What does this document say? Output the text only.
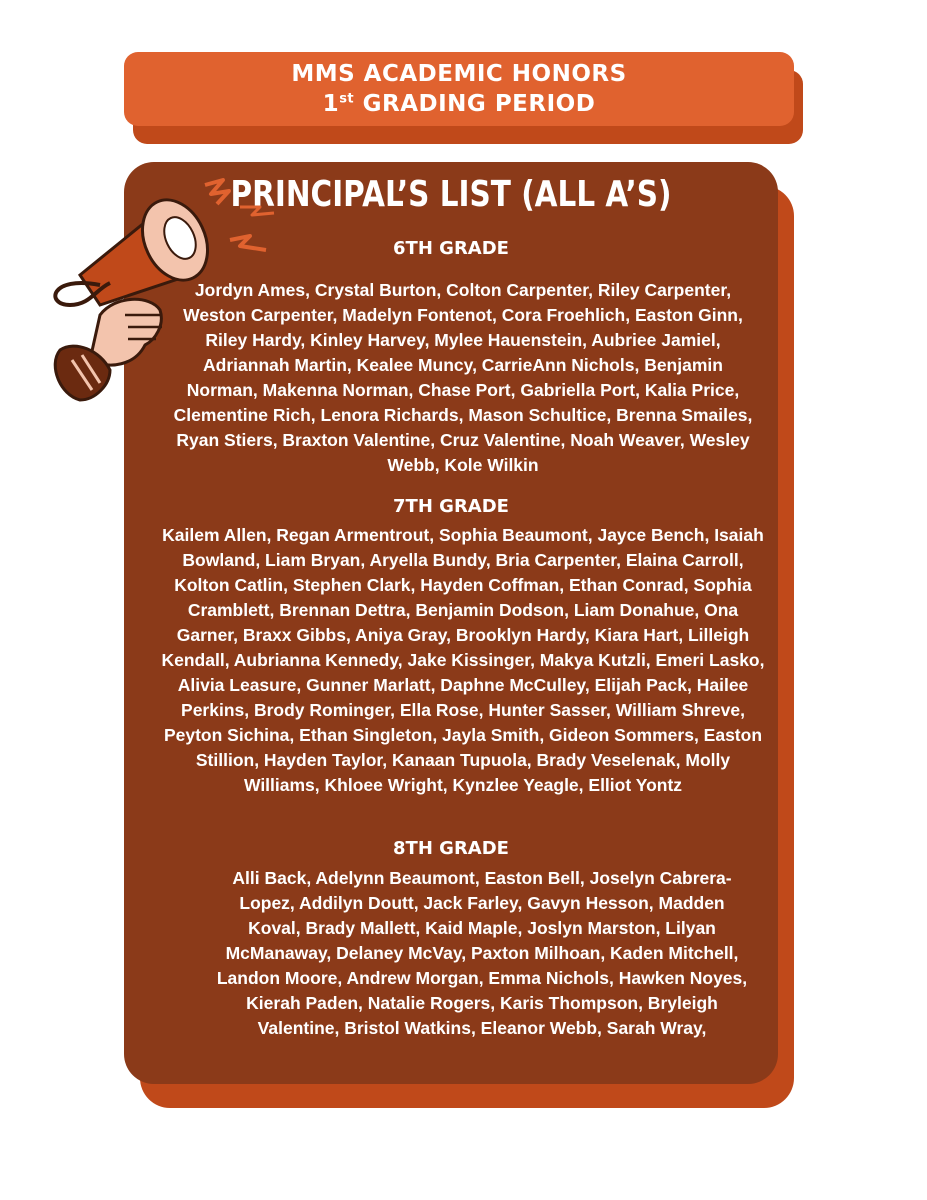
MMS ACADEMIC HONORS
1st GRADING PERIOD
PRINCIPAL’S LIST (ALL A’S)
6TH GRADE
Jordyn Ames, Crystal Burton, Colton Carpenter, Riley Carpenter, Weston Carpenter, Madelyn Fontenot, Cora Froehlich, Easton Ginn, Riley Hardy, Kinley Harvey, Mylee Hauenstein, Aubriee Jamiel, Adriannah Martin, Kealee Muncy, CarrieAnn Nichols, Benjamin Norman, Makenna Norman, Chase Port, Gabriella Port, Kalia Price, Clementine Rich, Lenora Richards, Mason Schultice, Brenna Smailes, Ryan Stiers, Braxton Valentine, Cruz Valentine, Noah Weaver, Wesley Webb, Kole Wilkin
7TH GRADE
Kailem Allen, Regan Armentrout, Sophia Beaumont, Jayce Bench, Isaiah Bowland, Liam Bryan, Aryella Bundy, Bria Carpenter, Elaina Carroll, Kolton Catlin, Stephen Clark, Hayden Coffman, Ethan Conrad, Sophia Cramblett, Brennan Dettra, Benjamin Dodson, Liam Donahue, Ona Garner, Braxx Gibbs, Aniya Gray, Brooklyn Hardy, Kiara Hart, Lilleigh Kendall, Aubrianna Kennedy, Jake Kissinger, Makya Kutzli, Emeri Lasko, Alivia Leasure, Gunner Marlatt, Daphne McCulley, Elijah Pack, Hailee Perkins, Brody Rominger, Ella Rose, Hunter Sasser, William Shreve, Peyton Sichina, Ethan Singleton, Jayla Smith, Gideon Sommers, Easton Stillion, Hayden Taylor, Kanaan Tupuola, Brady Veselenak, Molly Williams, Khloee Wright, Kynzlee Yeagle, Elliot Yontz
8TH GRADE
Alli Back, Adelynn Beaumont, Easton Bell, Joselyn Cabrera-Lopez, Addilyn Doutt, Jack Farley, Gavyn Hesson, Madden Koval, Brady Mallett, Kaid Maple, Joslyn Marston, Lilyan McManaway, Delaney McVay, Paxton Milhoan, Kaden Mitchell, Landon Moore, Andrew Morgan, Emma Nichols, Hawken Noyes, Kierah Paden, Natalie Rogers, Karis Thompson, Bryleigh Valentine, Bristol Watkins, Eleanor Webb, Sarah Wray,
